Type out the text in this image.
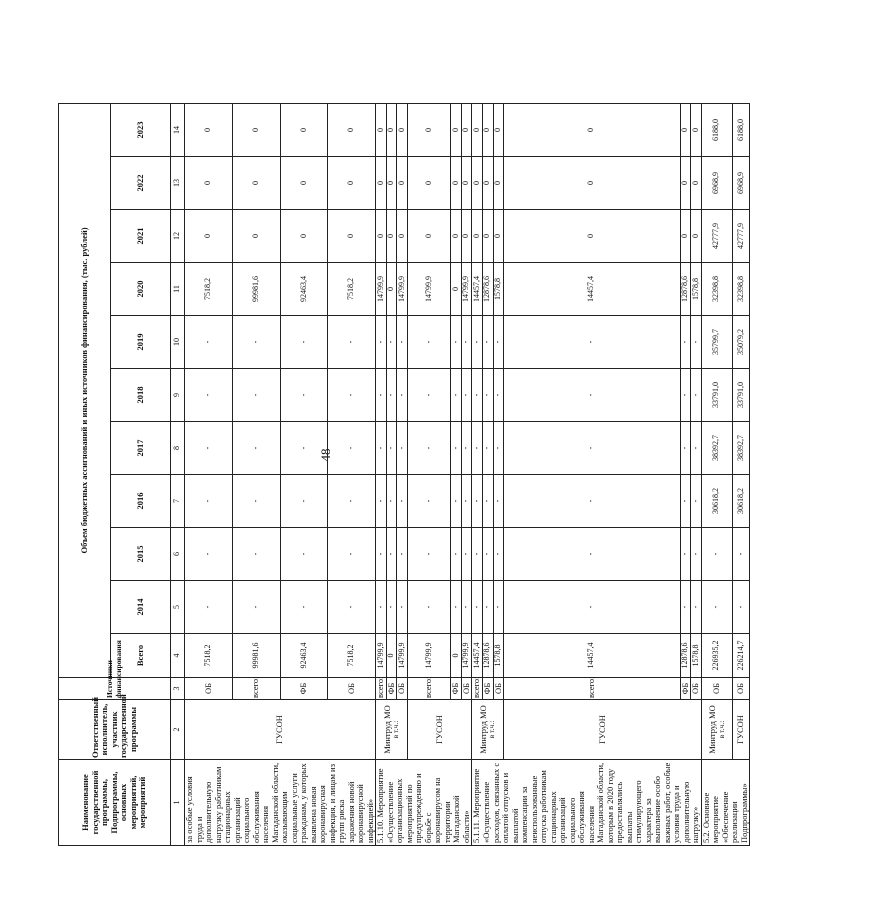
48
Наименование государственной программы, Подпрограммы, основных мероприятий, мероприятий	Ответственный исполнитель, участник государственной программы	Источники финансирования	Объем бюджетных ассигнований и иных источников финансирования, (тыс. рублей)										
			Всего	2014	2015	2016	2017	2018	2019	2020	2021	2022	2023
1	2	3	4	5	6	7	8	9	10	11	12	13	14
за особые условия труда и дополнительную нагрузку работникам стационарных организаций социального обслуживания населения Магаданской области, оказывающим социальные услуги гражданам, у которых выявлена новая коронавирусная инфекция, и лицам из групп риска заражения новой коронавирусной инфекцией»	ГУСОН	ОБ	7518,2	-	-	-	-	-	-	7518,2	0	0	0
		всего:	99981,6	-	-	-	-	-	-	99981,6	0	0	0
		ФБ	92463,4	-	-	-	-	-	-	92463,4	0	0	0
		ОБ	7518,2	-	-	-	-	-	-	7518,2	0	0	0
5.1.10. Мероприятие «Осуществление организационных мероприятий по предупреждению и борьбе с коронавирусом на территории Магаданской области»	Минтруд МО в т.ч.:	всего:	14799,9	-	-	-	-	-	-	14799,9	0	0	0
		ФБ	0	-	-	-	-	-	-	0	0	0	0
		ОБ	14799,9	-	-	-	-	-	-	14799,9	0	0	0

	ГУСОН	всего:	14799,9	-	-	-	-	-	-	14799,9	0	0	0
		ФБ	0	-	-	-	-	-	-	0	0	0	0
		ОБ	14799,9	-	-	-	-	-	-	14799,9	0	0	0
5.1.11. Мероприятие «Осуществление расходов, связанных с оплатой отпусков и выплатой компенсации за неиспользованные отпуска работникам стационарных организаций социального обслуживания населения Магаданской области, которым в 2020 году предоставлялись выплаты стимулирующего характера за выполнение особо важных работ, особые условия труда и дополнительную нагрузку»	Минтруд МО в т.ч.:	всего:	14457,4	-	-	-	-	-	-	14457,4	0	0	0
		ФБ	12878,6	-	-	-	-	-	-	12878,6	0	0	0
		ОБ	1578,8	-	-	-	-	-	-	1578,8	0	0	0

	ГУСОН	всего:	14457,4	-	-	-	-	-	-	14457,4	0	0	0
		ФБ	12878,6	-	-	-	-	-	-	12878,6	0	0	0
		ОБ	1578,8	-	-	-	-	-	-	1578,8	0	0	0
5.2. Основное мероприятие «Обеспечение реализации Подпрограммы»	Минтруд МО в т.ч.:	ОБ	226935,2	-	-	30618,2	38392,7	33791,0	35799,7	32398,8	42777,9	6968,9	6188,0

	ГУСОН	ОБ	226214,7	-	-	30618,2	38392,7	33791,0	35079,2	32398,8	42777,9	6968,9	6188,0
